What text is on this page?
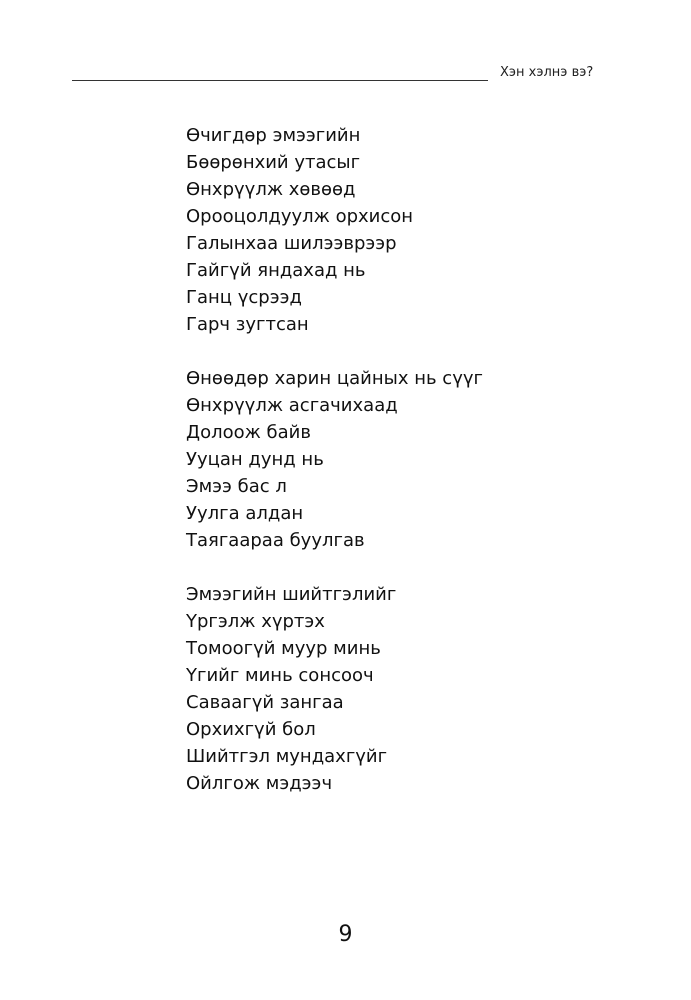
Хэн хэлнэ вэ?
Өчигдөр эмээгийн
Бөөрөнхий утасыг
Өнхрүүлж хөвөөд
Орооцолдуулж орхисон
Галынхаа шилээврээр
Гайгүй яндахад нь
Ганц үсрээд
Гарч зугтсан
Өнөөдөр харин цайных нь сүүг
Өнхрүүлж асгачихаад
Долоож байв
Ууцан дунд нь
Эмээ бас л
Уулга алдан
Таягаараа буулгав
Эмээгийн шийтгэлийг
Үргэлж хүртэх
Томоогүй муур минь
Үгийг минь сонсооч
Саваагүй зангаа
Орхихгүй бол
Шийтгэл мундахгүйг
Ойлгож мэдээч
9
